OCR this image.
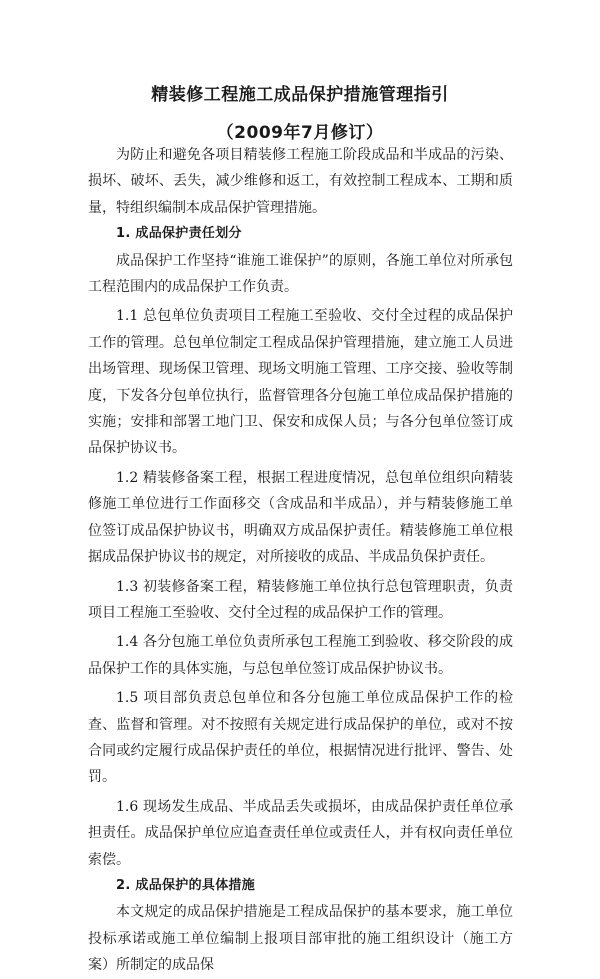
精装修工程施工成品保护措施管理指引
（2009年7月修订）

为防止和避免各项目精装修工程施工阶段成品和半成品的污染、损坏、破坏、丢失，减少维修和返工，有效控制工程成本、工期和质量，特组织编制本成品保护管理措施。

1. 成品保护责任划分

成品保护工作坚持“谁施工谁保护”的原则，各施工单位对所承包工程范围内的成品保护工作负责。

1.1 总包单位负责项目工程施工至验收、交付全过程的成品保护工作的管理。总包单位制定工程成品保护管理措施，建立施工人员进出场管理、现场保卫管理、现场文明施工管理、工序交接、验收等制度，下发各分包单位执行，监督管理各分包施工单位成品保护措施的实施；安排和部署工地门卫、保安和成保人员；与各分包单位签订成品保护协议书。

1.2 精装修备案工程，根据工程进度情况，总包单位组织向精装修施工单位进行工作面移交（含成品和半成品），并与精装修施工单位签订成品保护协议书，明确双方成品保护责任。精装修施工单位根据成品保护协议书的规定，对所接收的成品、半成品负保护责任。

1.3 初装修备案工程，精装修施工单位执行总包管理职责，负责项目工程施工至验收、交付全过程的成品保护工作的管理。

1.4 各分包施工单位负责所承包工程施工到验收、移交阶段的成品保护工作的具体实施，与总包单位签订成品保护协议书。

1.5 项目部负责总包单位和各分包施工单位成品保护工作的检查、监督和管理。对不按照有关规定进行成品保护的单位，或对不按合同或约定履行成品保护责任的单位，根据情况进行批评、警告、处罚。

1.6 现场发生成品、半成品丢失或损坏，由成品保护责任单位承担责任。成品保护单位应追查责任单位或责任人，并有权向责任单位索偿。

2. 成品保护的具体措施

本文规定的成品保护措施是工程成品保护的基本要求，施工单位投标承诺或施工单位编制上报项目部审批的施工组织设计（施工方案）所制定的成品保
